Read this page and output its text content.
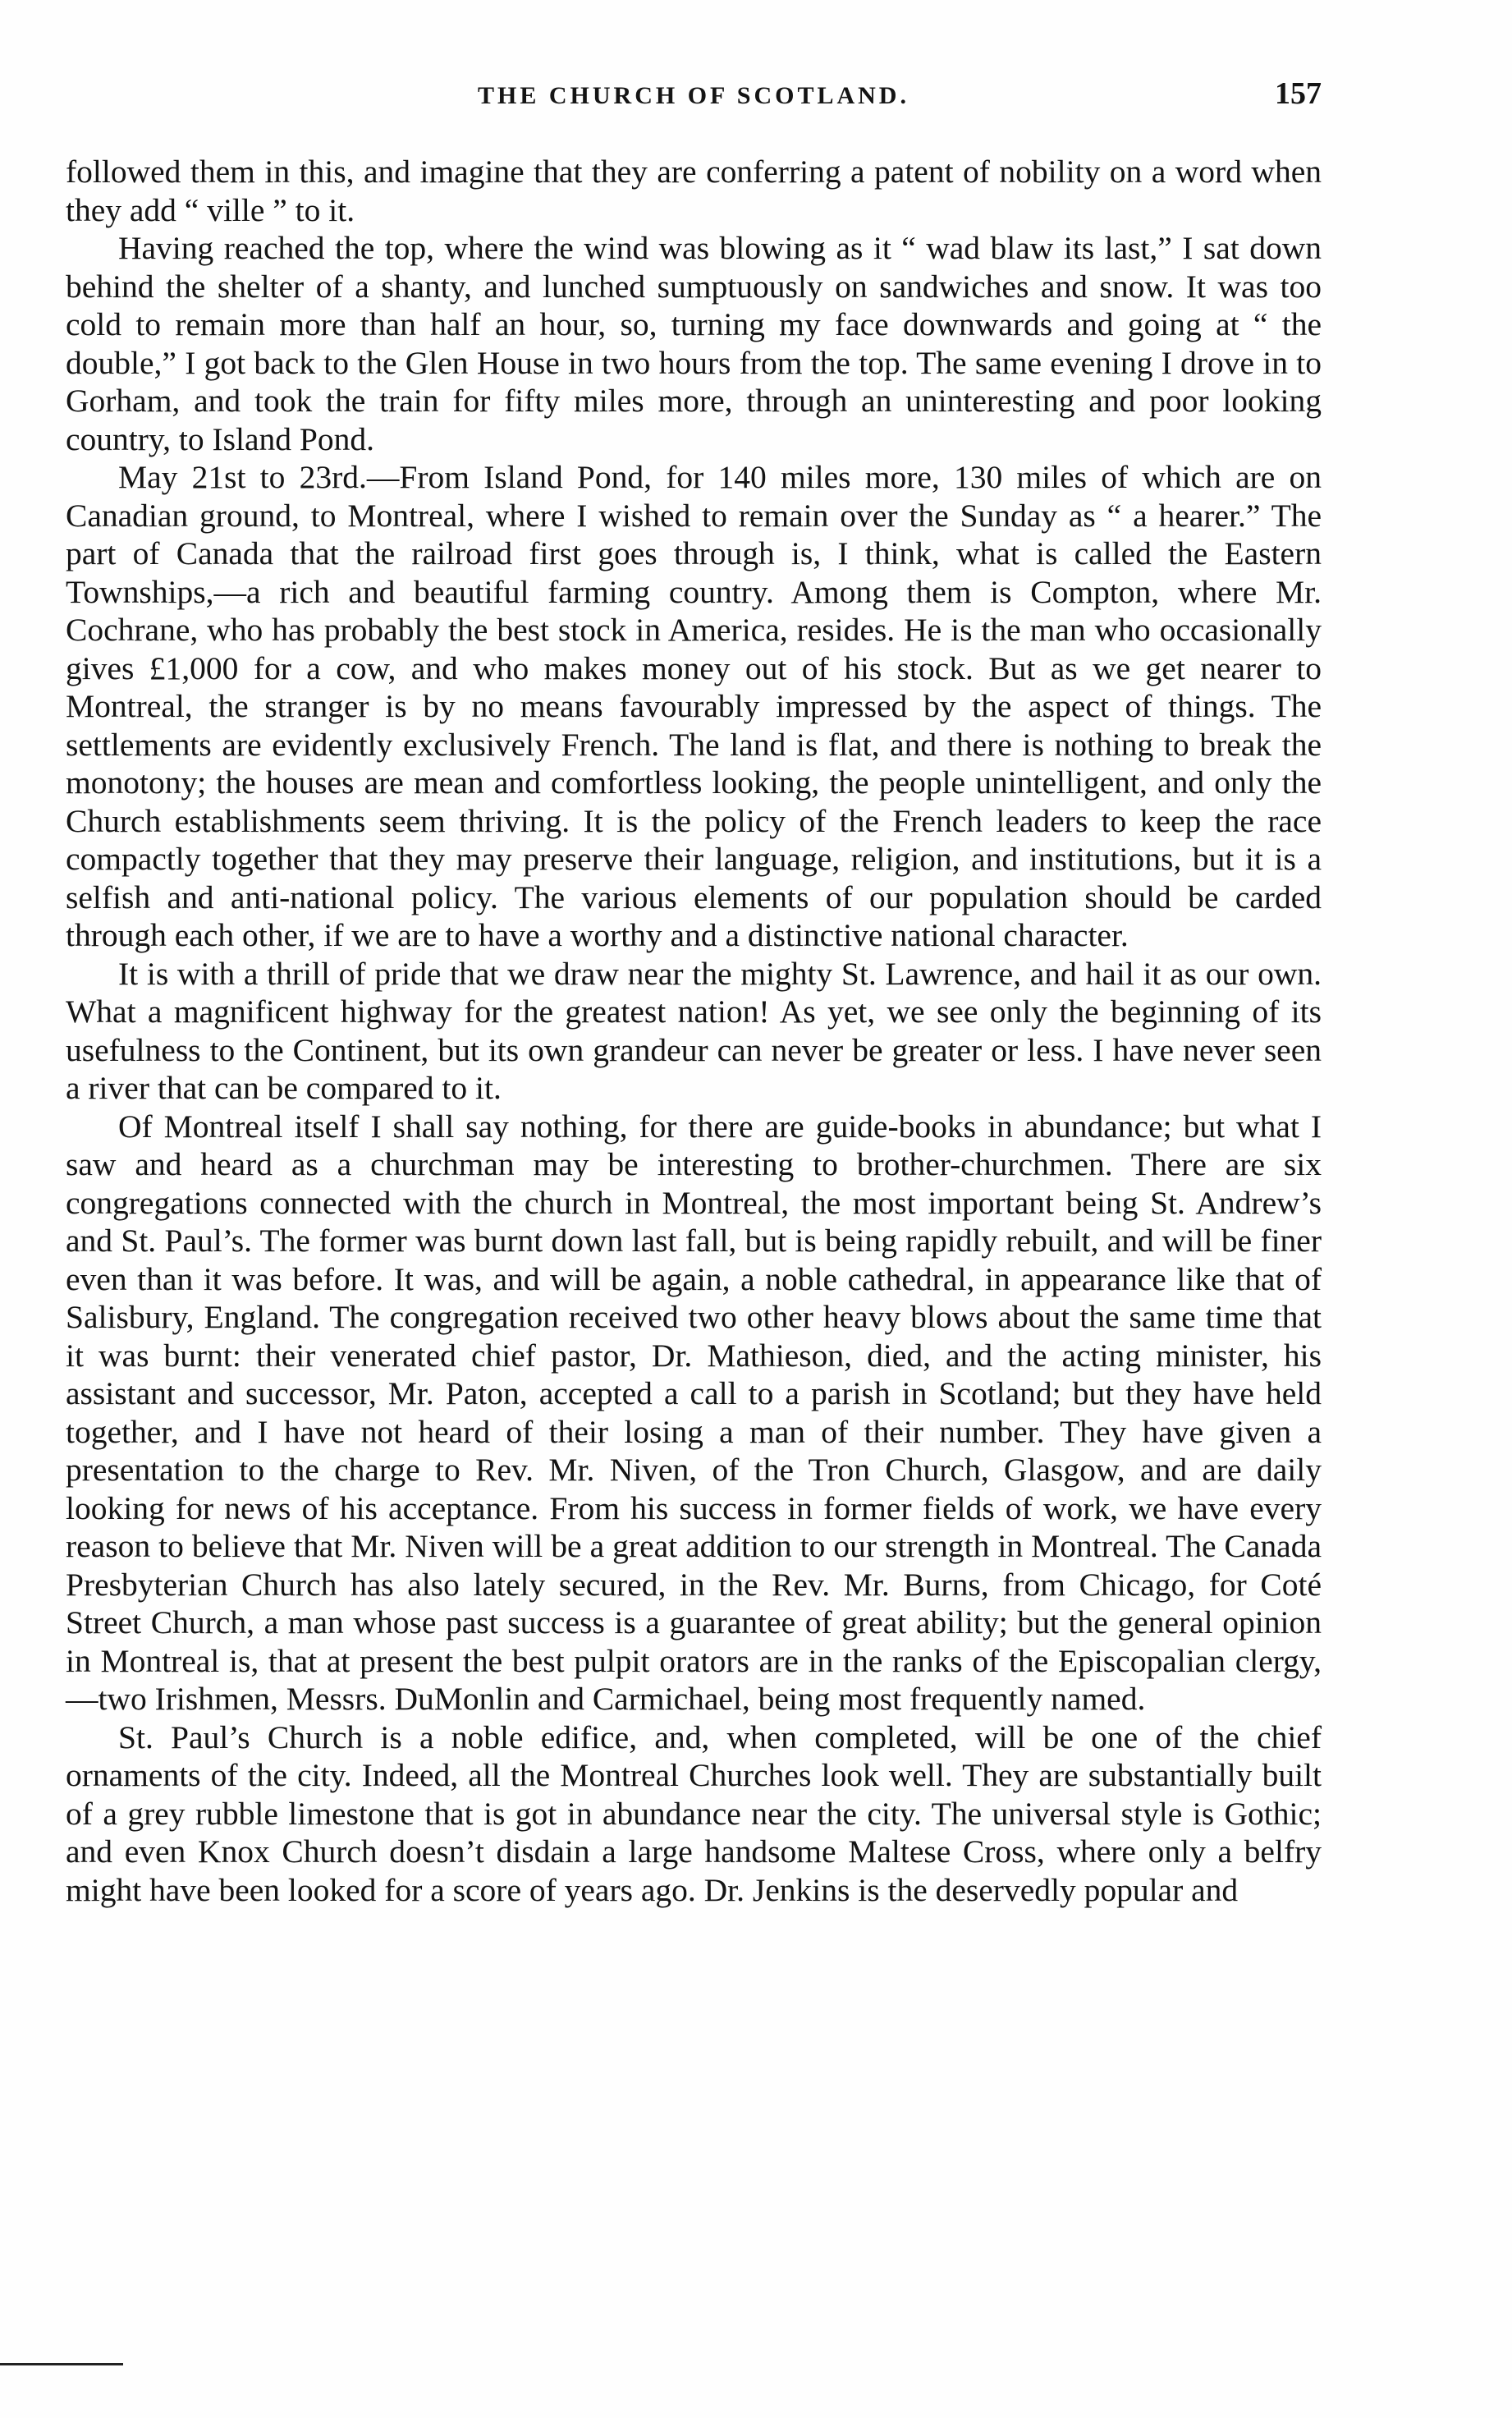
THE CHURCH OF SCOTLAND.	157

followed them in this, and imagine that they are conferring a patent of nobility on a word when they add “ ville ” to it.

Having reached the top, where the wind was blowing as it “ wad blaw its last,” I sat down behind the shelter of a shanty, and lunched sumptuously on sandwiches and snow. It was too cold to remain more than half an hour, so, turning my face downwards and going at “ the double,” I got back to the Glen House in two hours from the top. The same evening I drove in to Gorham, and took the train for fifty miles more, through an uninteresting and poor looking country, to Island Pond.

May 21st to 23rd.—From Island Pond, for 140 miles more, 130 miles of which are on Canadian ground, to Montreal, where I wished to remain over the Sunday as “ a hearer.” The part of Canada that the railroad first goes through is, I think, what is called the Eastern Townships,—a rich and beautiful farming country. Among them is Compton, where Mr. Cochrane, who has probably the best stock in America, resides. He is the man who occasionally gives £1,000 for a cow, and who makes money out of his stock. But as we get nearer to Montreal, the stranger is by no means favourably impressed by the aspect of things. The settlements are evidently exclusively French. The land is flat, and there is nothing to break the monotony; the houses are mean and comfortless looking, the people unintelligent, and only the Church establishments seem thriving. It is the policy of the French leaders to keep the race compactly together that they may preserve their language, religion, and institutions, but it is a selfish and anti-national policy. The various elements of our population should be carded through each other, if we are to have a worthy and a distinctive national character.

It is with a thrill of pride that we draw near the mighty St. Lawrence, and hail it as our own. What a magnificent highway for the greatest nation! As yet, we see only the beginning of its usefulness to the Continent, but its own grandeur can never be greater or less. I have never seen a river that can be compared to it.

Of Montreal itself I shall say nothing, for there are guide-books in abundance; but what I saw and heard as a churchman may be interesting to brother-churchmen. There are six congregations connected with the church in Montreal, the most important being St. Andrew’s and St. Paul’s. The former was burnt down last fall, but is being rapidly rebuilt, and will be finer even than it was before. It was, and will be again, a noble cathedral, in appearance like that of Salisbury, England. The congregation received two other heavy blows about the same time that it was burnt: their venerated chief pastor, Dr. Mathieson, died, and the acting minister, his assistant and successor, Mr. Paton, accepted a call to a parish in Scotland; but they have held together, and I have not heard of their losing a man of their number. They have given a presentation to the charge to Rev. Mr. Niven, of the Tron Church, Glasgow, and are daily looking for news of his acceptance. From his success in former fields of work, we have every reason to believe that Mr. Niven will be a great addition to our strength in Montreal. The Canada Presbyterian Church has also lately secured, in the Rev. Mr. Burns, from Chicago, for Coté Street Church, a man whose past success is a guarantee of great ability; but the general opinion in Montreal is, that at present the best pulpit orators are in the ranks of the Episcopalian clergy,—two Irishmen, Messrs. DuMonlin and Carmichael, being most frequently named.

St. Paul’s Church is a noble edifice, and, when completed, will be one of the chief ornaments of the city. Indeed, all the Montreal Churches look well. They are substantially built of a grey rubble limestone that is got in abundance near the city. The universal style is Gothic; and even Knox Church doesn’t disdain a large handsome Maltese Cross, where only a belfry might have been looked for a score of years ago. Dr. Jenkins is the deservedly popular and
